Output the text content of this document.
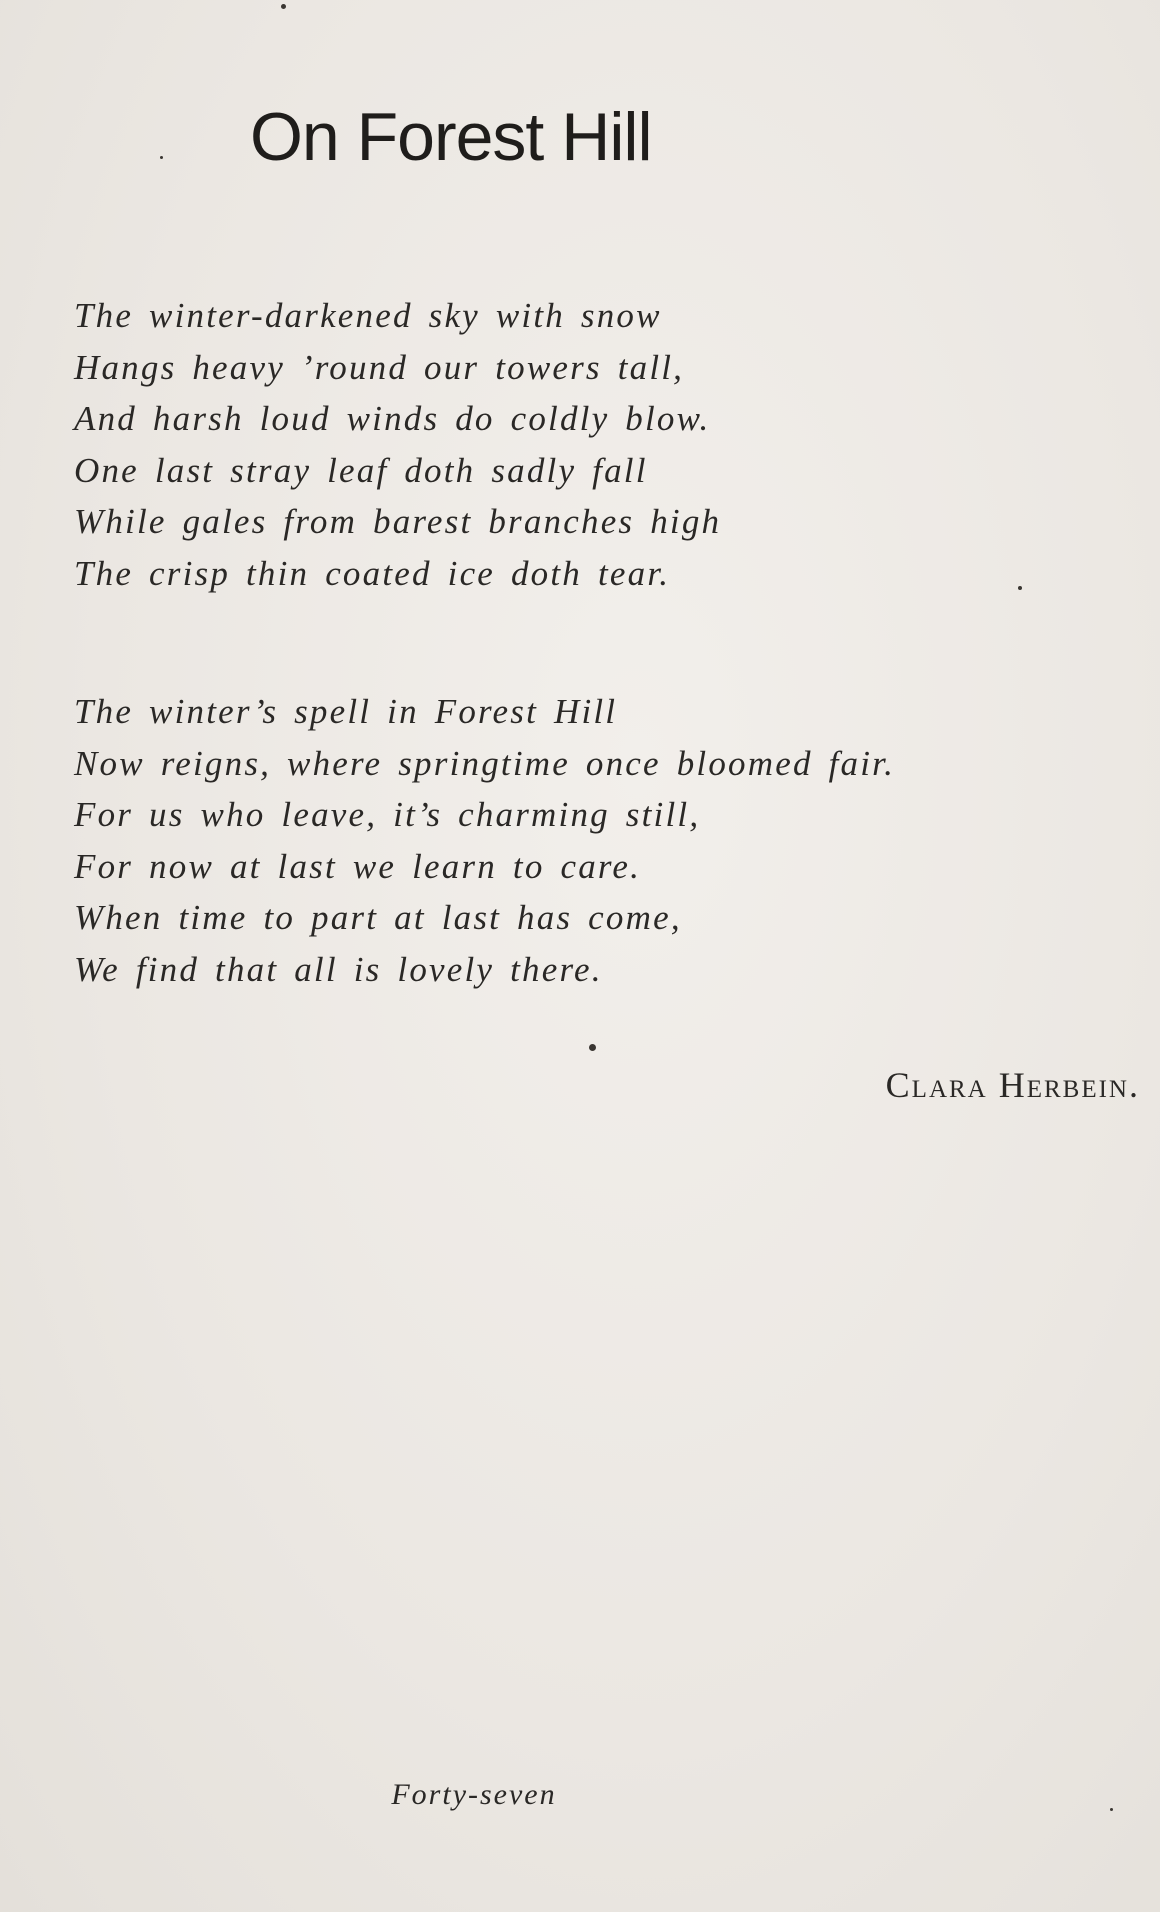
On Forest Hill
The winter-darkened sky with snow
Hangs heavy ’round our towers tall,
And harsh loud winds do coldly blow.
One last stray leaf doth sadly fall
While gales from barest branches high
The crisp thin coated ice doth tear.
The winter’s spell in Forest Hill
Now reigns, where springtime once bloomed fair.
For us who leave, it’s charming still,
For now at last we learn to care.
When time to part at last has come,
We find that all is lovely there.

Clara Herbein.

Forty-seven
